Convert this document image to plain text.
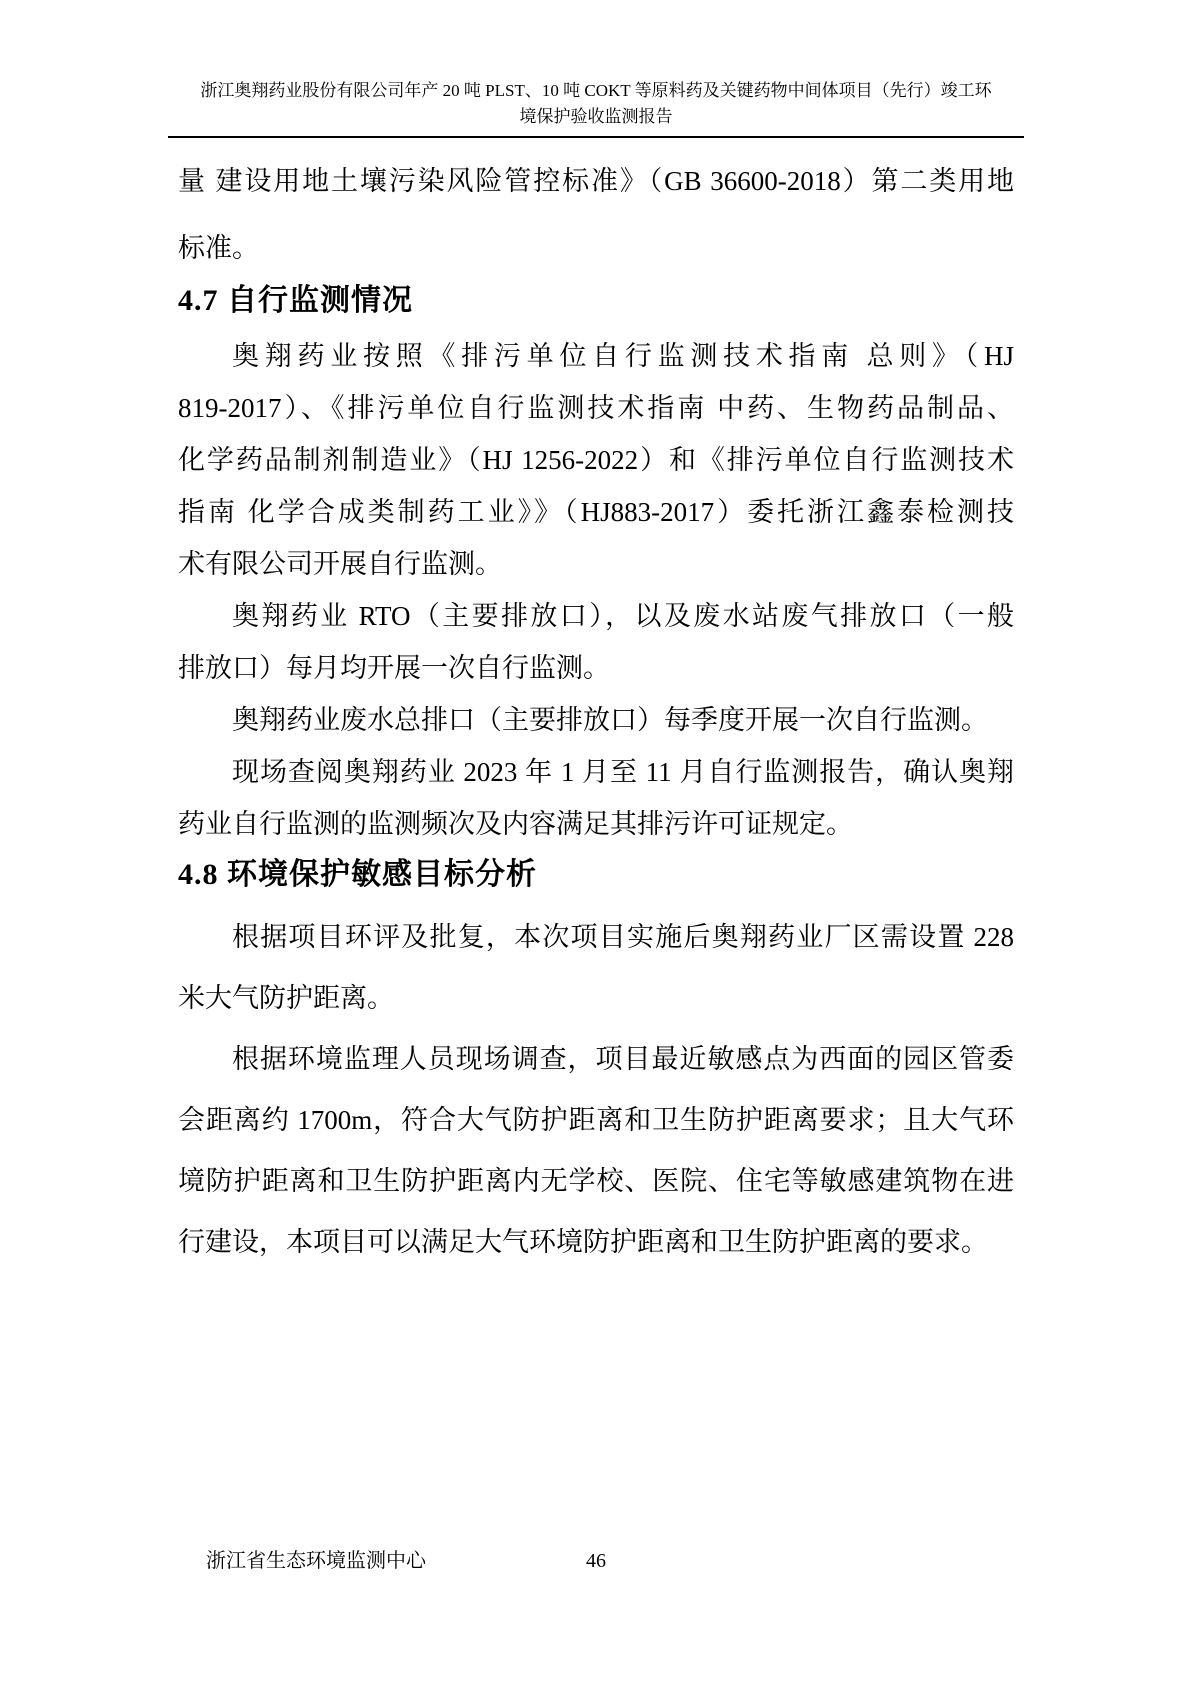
浙江奥翔药业股份有限公司年产 20 吨 PLST、10 吨 COKT 等原料药及关键药物中间体项目（先行）竣工环
境保护验收监测报告
量 建设用地土壤污染风险管控标准》（GB 36600-2018）第二类用地
标准。
4.7 自行监测情况
奥翔药业按照《排污单位自行监测技术指南 总则》（HJ
819-2017）、《排污单位自行监测技术指南 中药、生物药品制品、
化学药品制剂制造业》（HJ 1256-2022）和《排污单位自行监测技术
指南 化学合成类制药工业》》（HJ883-2017）委托浙江鑫泰检测技
术有限公司开展自行监测。
奥翔药业 RTO（主要排放口），以及废水站废气排放口（一般
排放口）每月均开展一次自行监测。
奥翔药业废水总排口（主要排放口）每季度开展一次自行监测。
现场查阅奥翔药业 2023 年 1 月至 11 月自行监测报告，确认奥翔
药业自行监测的监测频次及内容满足其排污许可证规定。
4.8 环境保护敏感目标分析
根据项目环评及批复，本次项目实施后奥翔药业厂区需设置 228
米大气防护距离。
根据环境监理人员现场调查，项目最近敏感点为西面的园区管委
会距离约 1700m，符合大气防护距离和卫生防护距离要求；且大气环
境防护距离和卫生防护距离内无学校、医院、住宅等敏感建筑物在进
行建设，本项目可以满足大气环境防护距离和卫生防护距离的要求。
浙江省生态环境监测中心	46
